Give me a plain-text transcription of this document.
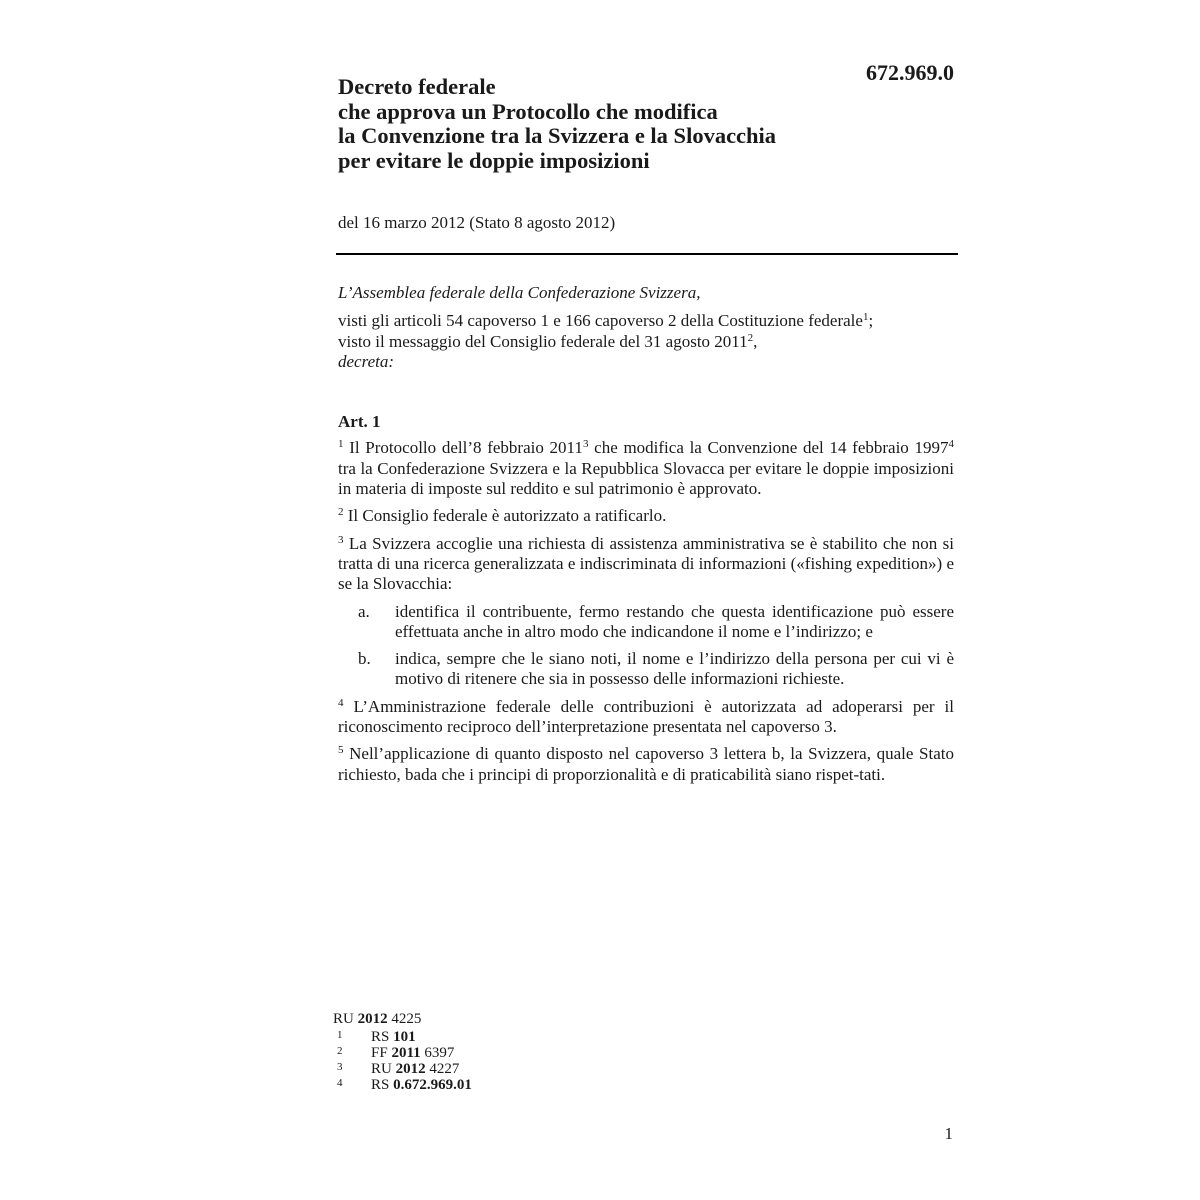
672.969.0

Decreto federale
che approva un Protocollo che modifica
la Convenzione tra la Svizzera e la Slovacchia
per evitare le doppie imposizioni

del 16 marzo 2012 (Stato 8 agosto 2012)

L’Assemblea federale della Confederazione Svizzera,

visti gli articoli 54 capoverso 1 e 166 capoverso 2 della Costituzione federale$^1$;

visto il messaggio del Consiglio federale del 31 agosto 2011$^2$,

decreta:

Art. 1

$^1$ Il Protocollo dell’8 febbraio 2011$^3$ che modifica la Convenzione del 14 febbraio 1997$^4$ tra la Confederazione Svizzera e la Repubblica Slovacca per evitare le doppie imposizioni in materia di imposte sul reddito e sul patrimonio è approvato.

$^2$ Il Consiglio federale è autorizzato a ratificarlo.

$^3$ La Svizzera accoglie una richiesta di assistenza amministrativa se è stabilito che non si tratta di una ricerca generalizzata e indiscriminata di informazioni («fishing expedition») e se la Slovacchia:

a.	identifica il contribuente, fermo restando che questa identificazione può essere effettuata anche in altro modo che indicandone il nome e l’indirizzo; e
b.	indica, sempre che le siano noti, il nome e l’indirizzo della persona per cui vi è motivo di ritenere che sia in possesso delle informazioni richieste.

$^4$ L’Amministrazione federale delle contribuzioni è autorizzata ad adoperarsi per il riconoscimento reciproco dell’interpretazione presentata nel capoverso 3.

$^5$ Nell’applicazione di quanto disposto nel capoverso 3 lettera b, la Svizzera, quale Stato richiesto, bada che i principi di proporzionalità e di praticabilità siano rispet-tati.

RU 2012 4225

1	RS 101

2	FF 2011 6397

3	RU 2012 4227

4	RS 0.672.969.01

1
